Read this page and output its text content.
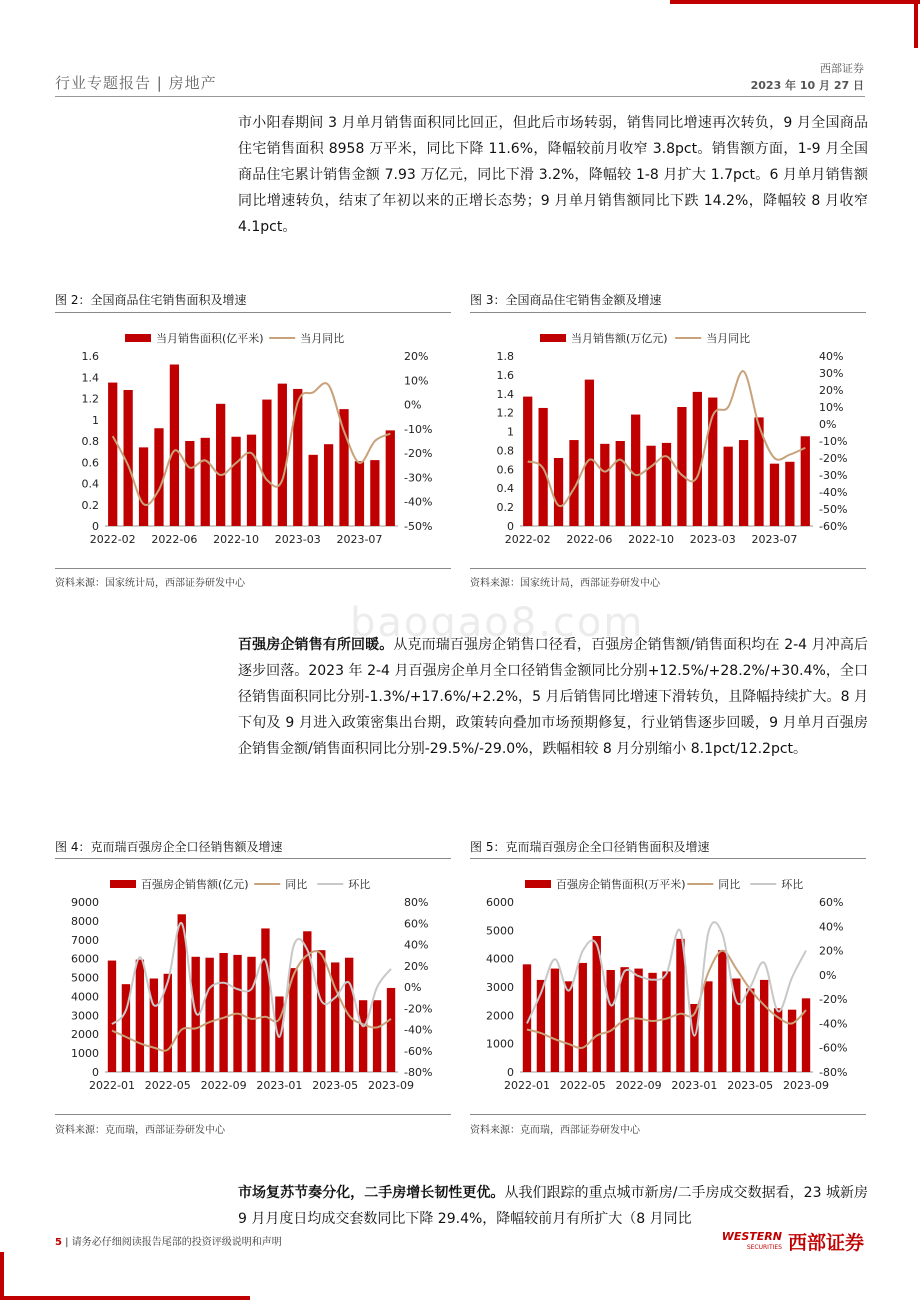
行业专题报告 | 房地产
西部证券
2023 年 10 月 27 日
市小阳春期间 3 月单月销售面积同比回正，但此后市场转弱，销售同比增速再次转负，9 月全国商品住宅销售面积 8958 万平米，同比下降 11.6%，降幅较前月收窄 3.8pct。销售额方面，1-9 月全国商品住宅累计销售金额 7.93 万亿元，同比下滑 3.2%，降幅较 1-8 月扩大 1.7pct。6 月单月销售额同比增速转负，结束了年初以来的正增长态势；9 月单月销售额同比下跌 14.2%，降幅较 8 月收窄 4.1pct。
baogao8.com
图 2：全国商品住宅销售面积及增速
当月销售面积(亿平米)	当月同比
0
0.2
0.4
0.6
0.8
1
1.2
1.4
1.6
-50%
-40%
-30%
-20%
-10%
0%
10%
20%
2022-02 2022-06 2022-10 2023-03 2023-07
资料来源：国家统计局，西部证券研发中心
图 3：全国商品住宅销售金额及增速
当月销售额(万亿元)	当月同比
0
0.2
0.4
0.6
0.8
1
1.2
1.4
1.6
1.8
-60%
-50%
-40%
-30%
-20%
-10%
0%
10%
20%
30%
40%
2022-02 2022-06 2022-10 2023-03 2023-07
资料来源：国家统计局，西部证券研发中心
百强房企销售有所回暖。从克而瑞百强房企销售口径看，百强房企销售额/销售面积均在 2-4 月冲高后逐步回落。2023 年 2-4 月百强房企单月全口径销售金额同比分别+12.5%/+28.2%/+30.4%，全口径销售面积同比分别-1.3%/+17.6%/+2.2%，5 月后销售同比增速下滑转负，且降幅持续扩大。8 月下旬及 9 月进入政策密集出台期，政策转向叠加市场预期修复，行业销售逐步回暖，9 月单月百强房企销售金额/销售面积同比分别-29.5%/-29.0%，跌幅相较 8 月分别缩小 8.1pct/12.2pct。
图 4：克而瑞百强房企全口径销售额及增速
百强房企销售额(亿元)	同比	环比
0
1000
2000
3000
4000
5000
6000
7000
8000
9000
-80%
-60%
-40%
-20%
0%
20%
40%
60%
80%
2022-01 2022-05 2022-09 2023-01 2023-05 2023-09
资料来源：克而瑞，西部证券研发中心
图 5：克而瑞百强房企全口径销售面积及增速
百强房企销售面积(万平米)	同比	环比
0
1000
2000
3000
4000
5000
6000
-80%
-60%
-40%
-20%
0%
20%
40%
60%
2022-01 2022-05 2022-09 2023-01 2023-05 2023-09
资料来源：克而瑞，西部证券研发中心
市场复苏节奏分化，二手房增长韧性更优。从我们跟踪的重点城市新房/二手房成交数据看，23 城新房 9 月月度日均成交套数同比下降 29.4%，降幅较前月有所扩大（8 月同比
5 | 请务必仔细阅读报告尾部的投资评级说明和声明	WESTERN
SECURITIES 西部证券
